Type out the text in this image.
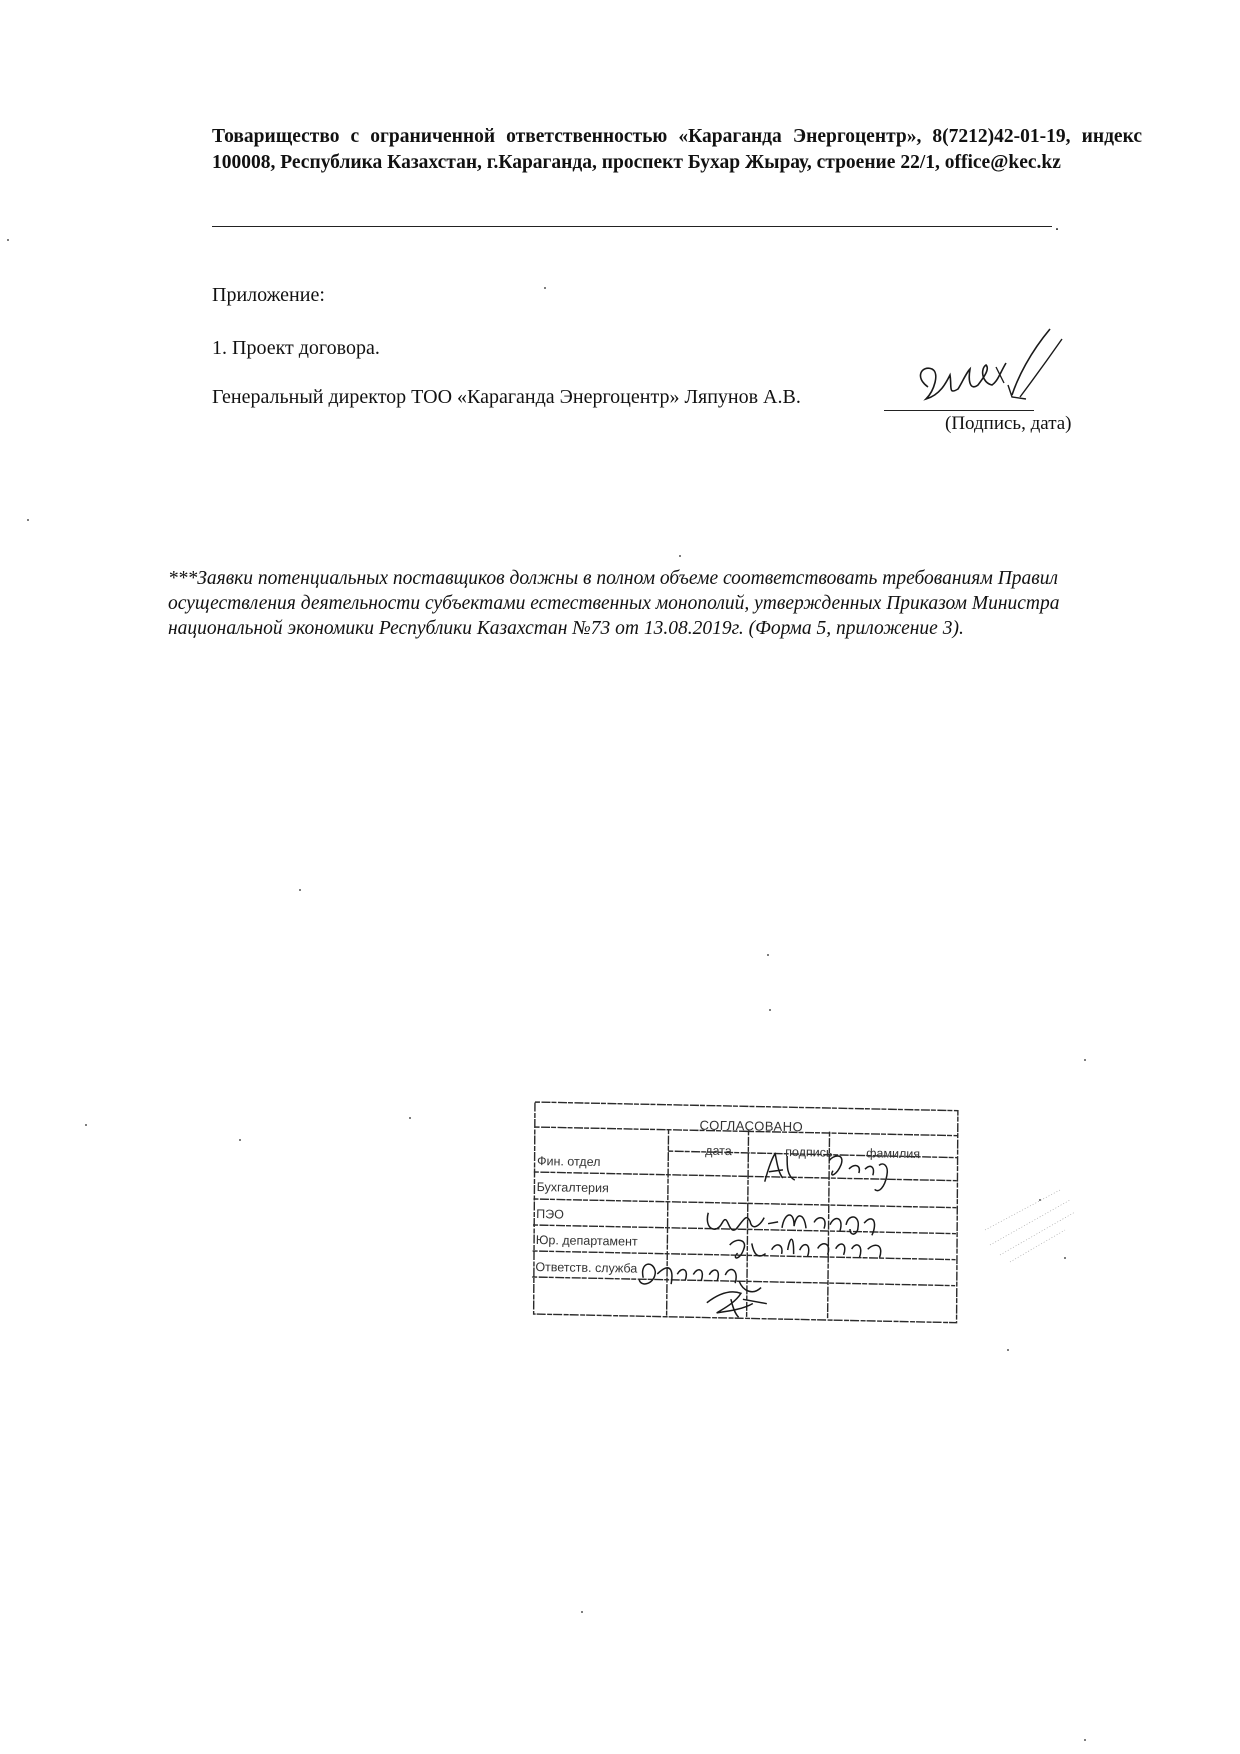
Товарищество с ограниченной ответственностью «Караганда Энергоцентр», 8(7212)42-01-19, индекс 100008, Республика Казахстан, г.Караганда, проспект Бухар Жырау, строение 22/1, office@kec.kz
.
Приложение:
1. Проект договора.
Генеральный директор ТОО «Караганда Энергоцентр» Ляпунов А.В.
(Подпись, дата)
***Заявки потенциальных поставщиков должны в полном объеме соответствовать требованиям Правил осуществления деятельности субъектами естественных монополий, утвержденных Приказом Министра национальной экономики Республики Казахстан №73 от 13.08.2019г. (Форма 5, приложение 3).
СОГЛАСОВАНО
дата	подпись	фамилия
Фин. отдел
Бухгалтерия
ПЭО
Юр. департамент
Ответств. служба
